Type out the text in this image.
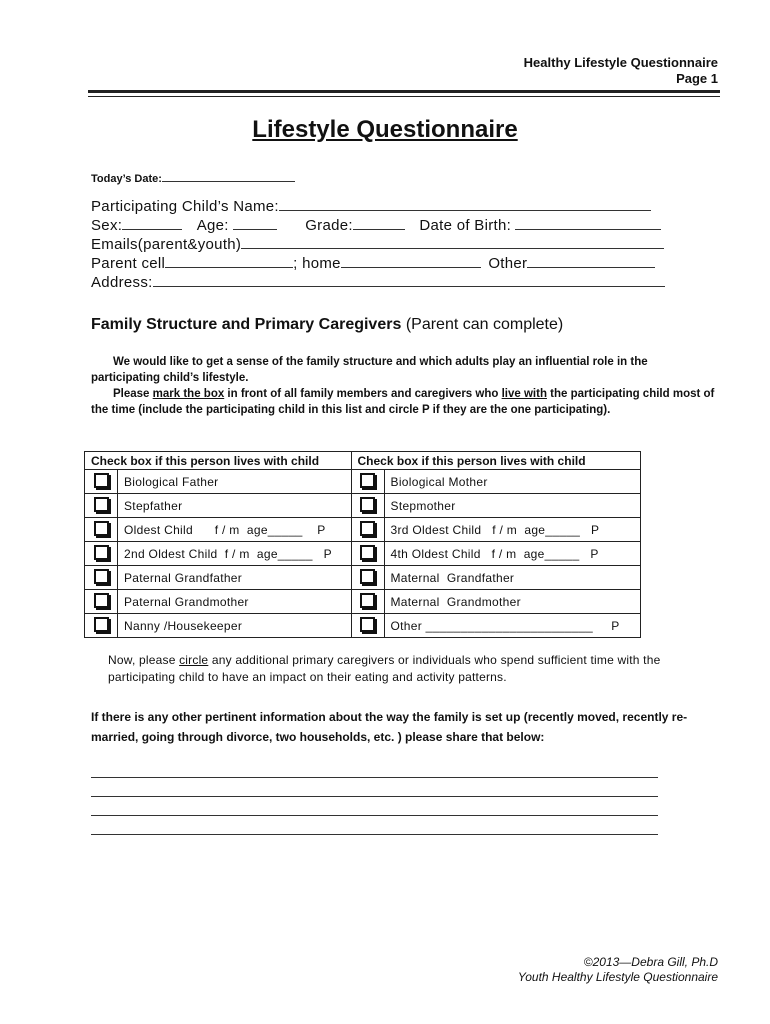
Healthy Lifestyle Questionnaire
Page 1
Lifestyle Questionnaire
Today’s Date:
Participating Child’s Name:
Sex:	Age:	Grade:	Date of Birth:
Emails(parent&youth)
Parent cell	; home	Other
Address:
Family Structure and Primary Caregivers (Parent can complete)
We would like to get a sense of the family structure and which adults play an influential role in the participating child’s lifestyle.
Please mark the box in front of all family members and caregivers who live with the participating child most of the time (include the participating child in this list and circle P if they are the one participating).
Check box if this person lives with child		Check box if this person lives with child	
	Biological Father		Biological Mother
	Stepfather		Stepmother
	Oldest Child      f / m  age_____    P		3rd Oldest Child   f / m  age_____   P
	2nd Oldest Child  f / m  age_____   P		4th Oldest Child   f / m  age_____   P
	Paternal Grandfather		Maternal  Grandfather
	Paternal Grandmother		Maternal  Grandmother
	Nanny /Housekeeper		Other ________________________     P
Now, please circle any additional primary caregivers or individuals who spend sufficient time with the participating child to have an impact on their eating and activity patterns.
If there is any other pertinent information about the way the family is set up (recently moved, recently re-married, going through divorce, two households, etc. ) please share that below:
©2013—Debra Gill, Ph.D
Youth Healthy Lifestyle Questionnaire
